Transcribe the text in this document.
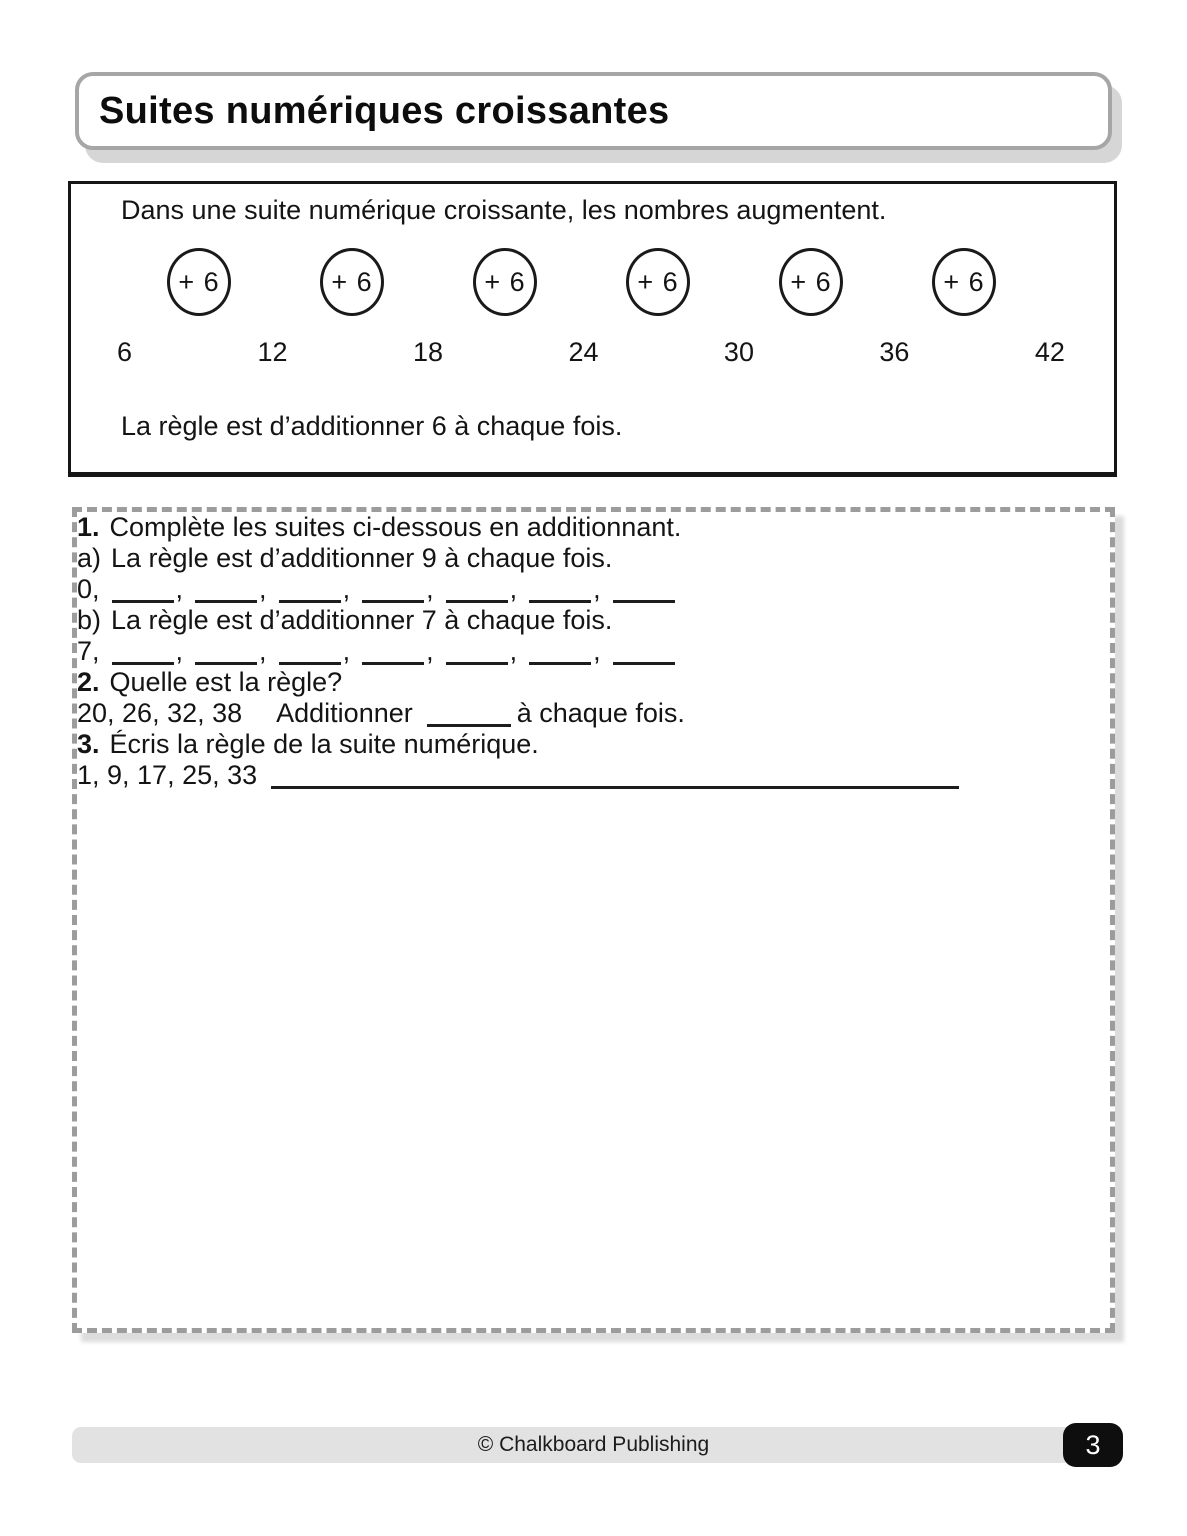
Suites numériques croissantes

Dans une suite numérique croissante, les nombres augmentent.

+ 6	+ 6	+ 6	+ 6	+ 6	+ 6
6	12	18	24	30	36	42

La règle est d’additionner 6 à chaque fois.

1. Complète les suites ci-dessous en additionnant.

a) La règle est d’additionner 9 à chaque fois.

0,	,	,	,	,	,	,

b) La règle est d’additionner 7 à chaque fois.

7,	,	,	,	,	,	,

2. Quelle est la règle?

20, 26, 32, 38 Additionner	à chaque fois.

3. Écris la règle de la suite numérique.

1, 9, 17, 25, 33

© Chalkboard Publishing	3
